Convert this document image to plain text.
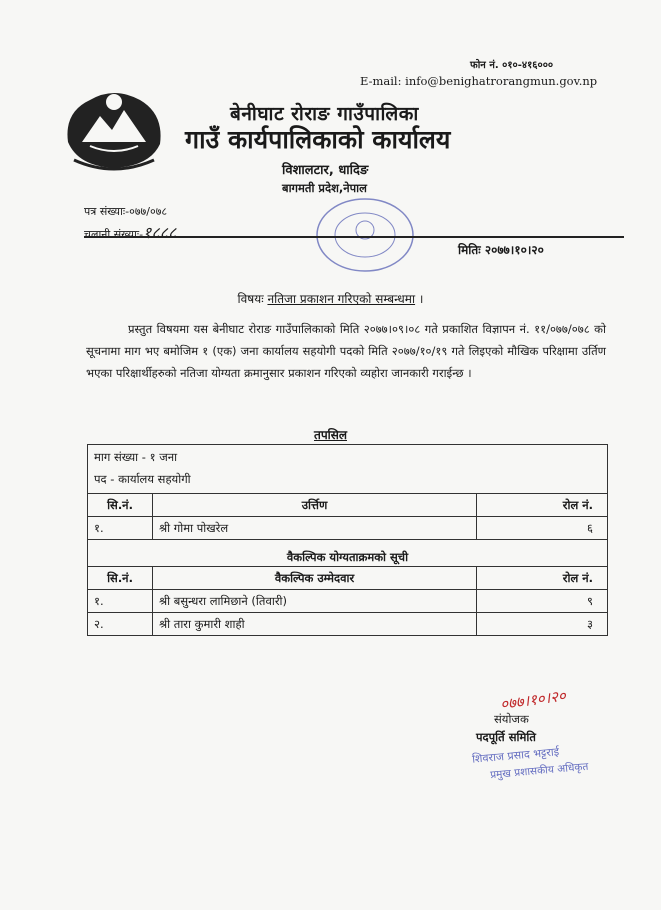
फोन नं. ०१०-४१६०००
E-mail: info@benighatrorangmun.gov.np
बेनीघाट रोराङ गाउँपालिका
गाउँ कार्यपालिकाको कार्यालय
विशालटार, धादिङ
बागमती प्रदेश,नेपाल
पत्र संख्याः-०७७/०७८
चलानी संख्याः-१८८८
मितिः २०७७।१०।२०
विषयः नतिजा प्रकाशन गरिएको सम्बन्धमा ।
प्रस्तुत विषयमा यस बेनीघाट रोराङ गाउँपालिकाको मिति २०७७।०९।०८ गते प्रकाशित विज्ञापन नं. ११/०७७/०७८ को सूचनामा माग भए बमोजिम १ (एक) जना कार्यालय सहयोगी पदको मिति २०७७/१०/१९ गते लिइएको मौखिक परिक्षामा उर्तिण भएका परिक्षार्थीहरुको नतिजा योग्यता क्रमानुसार प्रकाशन गरिएको व्यहोरा जानकारी गराईन्छ ।
तपसिल
माग संख्या - १ जना
पद - कार्यालय सहयोगी		

सि.नं.	उर्त्तिण	रोल नं.
१.	श्री गोमा पोखरेल	६
वैकल्पिक योग्यताक्रमको सूची		
सि.नं.	वैकल्पिक उम्मेदवार	रोल नं.
१.	श्री बसुन्धरा लामिछाने (तिवारी)	९
२.	श्री तारा कुमारी शाही	३
०७७।१०।२०
संयोजक
पदपूर्ति समिति
शिवराज प्रसाद भट्टराई
प्रमुख प्रशासकीय अधिकृत
